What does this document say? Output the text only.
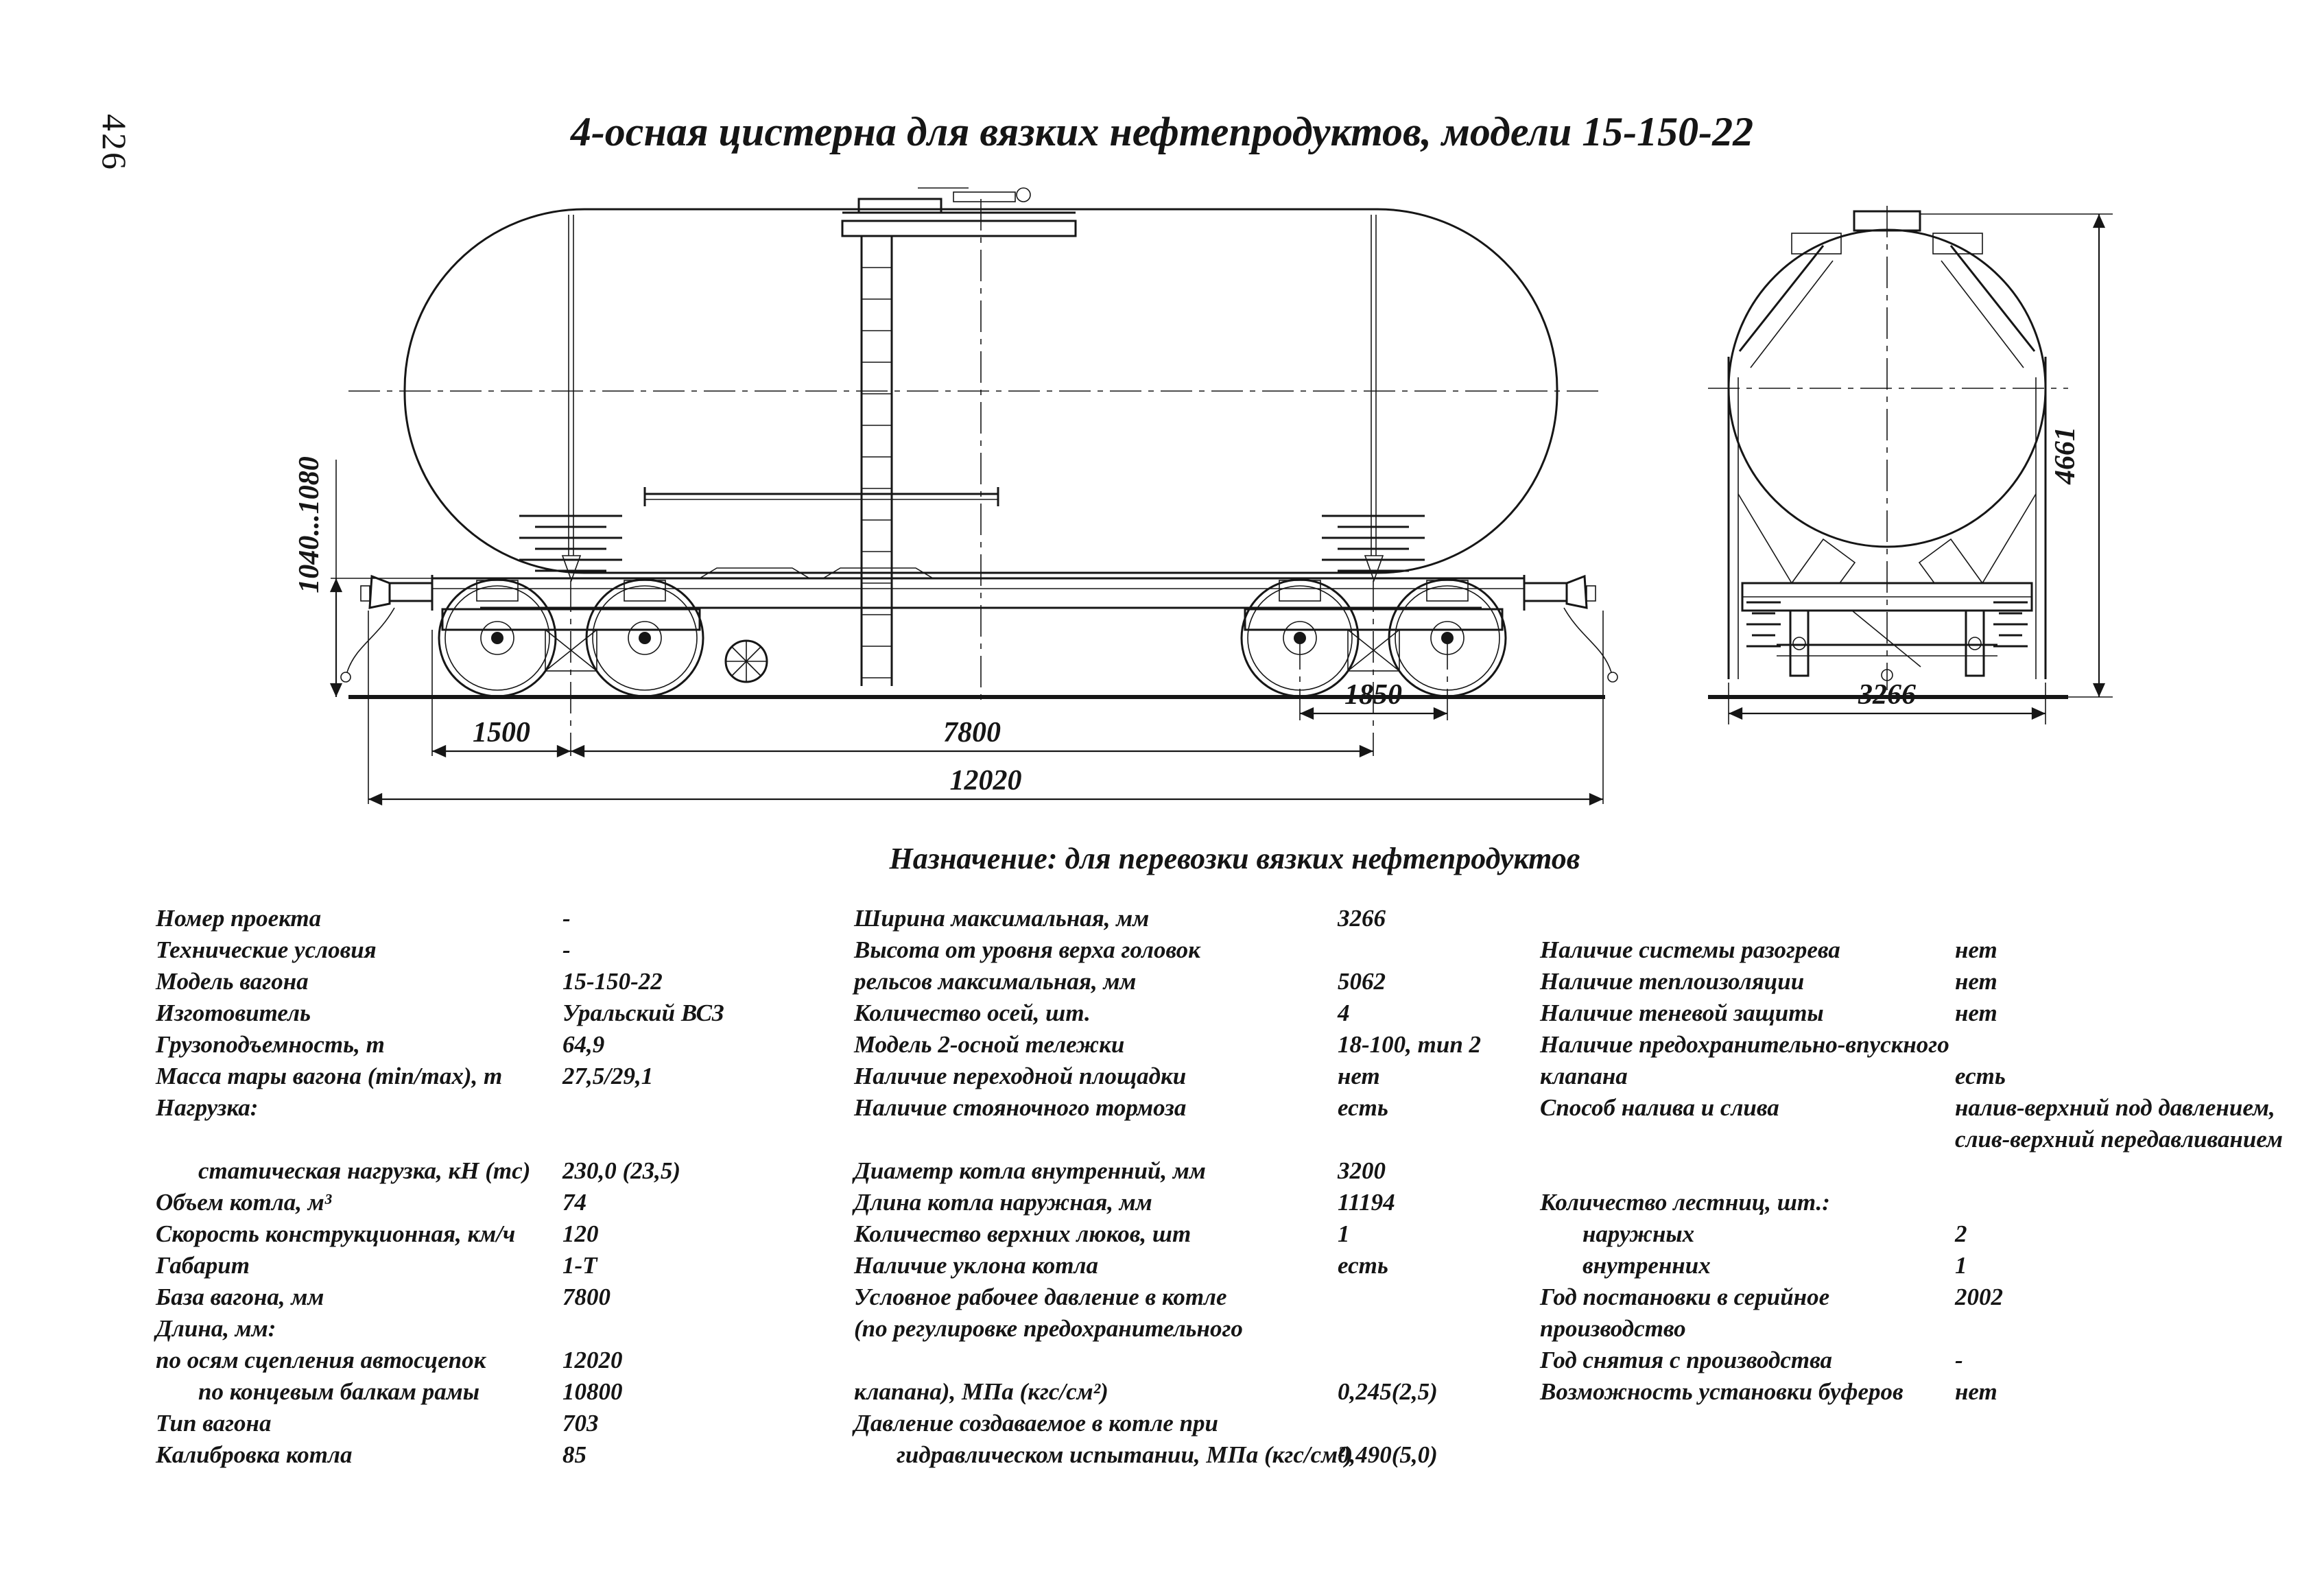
426	4-осная цистерна для вязких нефтепродуктов, модели 15-150-22
1850
1500	7800
12020
1040...1080
3266
4661
Назначение: для перевозки вязких нефтепродуктов
Номер проекта	-
Технические условия	-
Модель вагона	15-150-22
Изготовитель	Уральский ВСЗ
Грузоподъемность, т	64,9
Масса тары вагона (min/max), т	27,5/29,1
Нагрузка:
статическая нагрузка, кН (тс)	230,0 (23,5)
Объем котла, м³	74
Скорость конструкционная, км/ч	120
Габарит	1-Т
База вагона, мм	7800
Длина, мм:
по осям сцепления автосцепок	12020
по концевым балкам рамы	10800
Тип вагона	703
Калибровка котла	85
Ширина максимальная, мм	3266
Высота от уровня верха головок
рельсов максимальная, мм	5062
Количество осей, шт.	4
Модель 2-осной тележки	18-100, тип 2
Наличие переходной площадки	нет
Наличие стояночного тормоза	есть
Диаметр котла внутренний, мм	3200
Длина котла наружная, мм	11194
Количество верхних люков, шт	1
Наличие уклона котла	есть
Условное рабочее давление в котле
(по регулировке предохранительного
клапана), МПа (кгс/см²)	0,245(2,5)
Давление создаваемое в котле при
гидравлическом испытании, МПа (кгс/см²)
0,490(5,0)
Наличие системы разогрева	нет
Наличие теплоизоляции	нет
Наличие теневой защиты	нет
Наличие предохранительно-впускного
клапана	есть
Способ налива и слива	налив-верхний под давлением,
слив-верхний передавливанием
Количество лестниц, шт.:
наружных	2
внутренних	1
Год постановки в серийное	2002
производство
Год снятия с производства	-
Возможность установки буферов	нет
